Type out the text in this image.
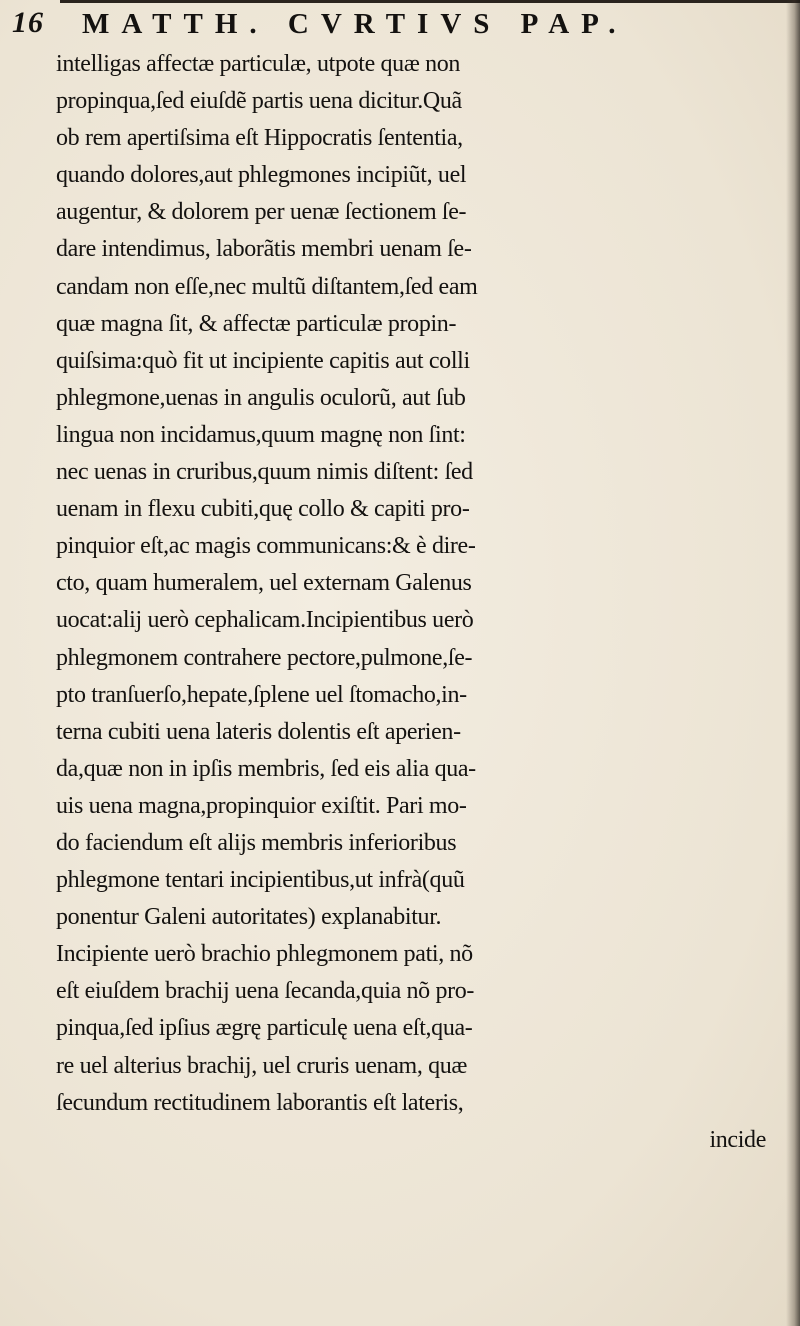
16 MATTH. CVRTIVS PAP.
intelligas affectæ particulæ, utpote quæ non
propinqua,ſed eiuſdẽ partis uena dicitur.Quã
ob rem apertiſsima eſt Hippocratis ſententia,
quando dolores,aut phlegmones incipiũt, uel
augentur, & dolorem per uenæ ſectionem ſe-
dare intendimus, laborãtis membri uenam ſe-
candam non eſſe,nec multũ diſtantem,ſed eam
quæ magna ſit, & affectæ particulæ propin-
quiſsima:quò fit ut incipiente capitis aut colli
phlegmone,uenas in angulis oculorũ, aut ſub
lingua non incidamus,quum magnę non ſint:
nec uenas in cruribus,quum nimis diſtent: ſed
uenam in flexu cubiti,quę collo & capiti pro-
pinquior eſt,ac magis communicans:& è dire-
cto, quam humeralem, uel externam Galenus
uocat:alij uerò cephalicam.Incipientibus uerò
phlegmonem contrahere pectore,pulmone,ſe-
pto tranſuerſo,hepate,ſplene uel ſtomacho,in-
terna cubiti uena lateris dolentis eſt aperien-
da,quæ non in ipſis membris, ſed eis alia qua-
uis uena magna,propinquior exiſtit. Pari mo-
do faciendum eſt alijs membris inferioribus
phlegmone tentari incipientibus,ut infrà(quũ
ponentur Galeni autoritates) explanabitur.
Incipiente uerò brachio phlegmonem pati, nõ
eſt eiuſdem brachij uena ſecanda,quia nõ pro-
pinqua,ſed ipſius ægrę particulę uena eſt,qua-
re uel alterius brachij, uel cruris uenam, quæ
ſecundum rectitudinem laborantis eſt lateris,
incide
